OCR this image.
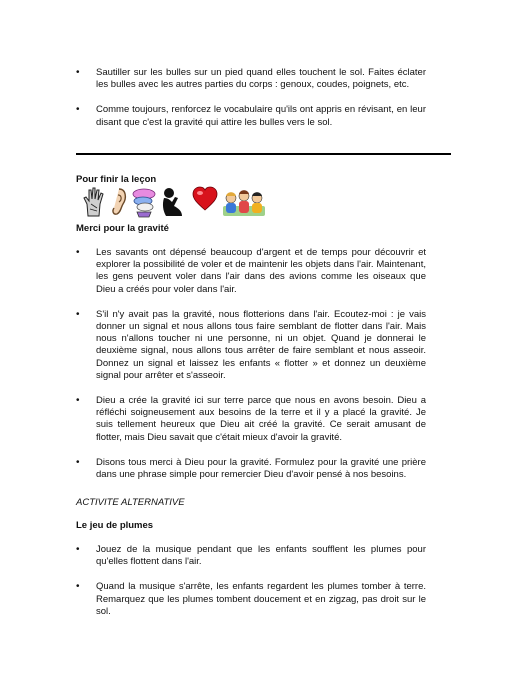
• Sautiller sur les bulles sur un pied quand elles touchent le sol. Faites éclater les bulles avec les autres parties du corps : genoux, coudes, poignets, etc.
• Comme toujours, renforcez le vocabulaire qu'ils ont appris en révisant, en leur disant que c'est la gravité qui attire les bulles vers le sol.

Pour finir la leçon

Merci pour la gravité

• Les savants ont dépensé beaucoup d'argent et de temps pour découvrir et explorer la possibilité de voler et de maintenir les objets dans l'air. Maintenant, les gens peuvent voler dans l'air dans des avions comme les oiseaux que Dieu a créés pour voler dans l'air.
• S'il n'y avait pas la gravité, nous flotterions dans l'air. Ecoutez-moi : je vais donner un signal et nous allons tous faire semblant de flotter dans l'air. Mais nous n'allons toucher ni une personne, ni un objet. Quand je donnerai le deuxième signal, nous allons tous arrêter de faire semblant et nous asseoir. Donnez un signal et laissez les enfants « flotter » et donnez un deuxième signal pour arrêter et s'asseoir.
• Dieu a crée la gravité ici sur terre parce que nous en avons besoin. Dieu a réfléchi soigneusement aux besoins de la terre et il y a placé la gravité. Je suis tellement heureux que Dieu ait créé la gravité. Ce serait amusant de flotter, mais Dieu savait que c'était mieux d'avoir la gravité.
• Disons tous merci à Dieu pour la gravité. Formulez pour la gravité une prière dans une phrase simple pour remercier Dieu d'avoir pensé à nos besoins.

ACTIVITE ALTERNATIVE

Le jeu de plumes

• Jouez de la musique pendant que les enfants soufflent les plumes pour qu'elles flottent dans l'air.
• Quand la musique s'arrête, les enfants regardent les plumes tomber à terre. Remarquez que les plumes tombent doucement et en zigzag, pas droit sur le sol.
